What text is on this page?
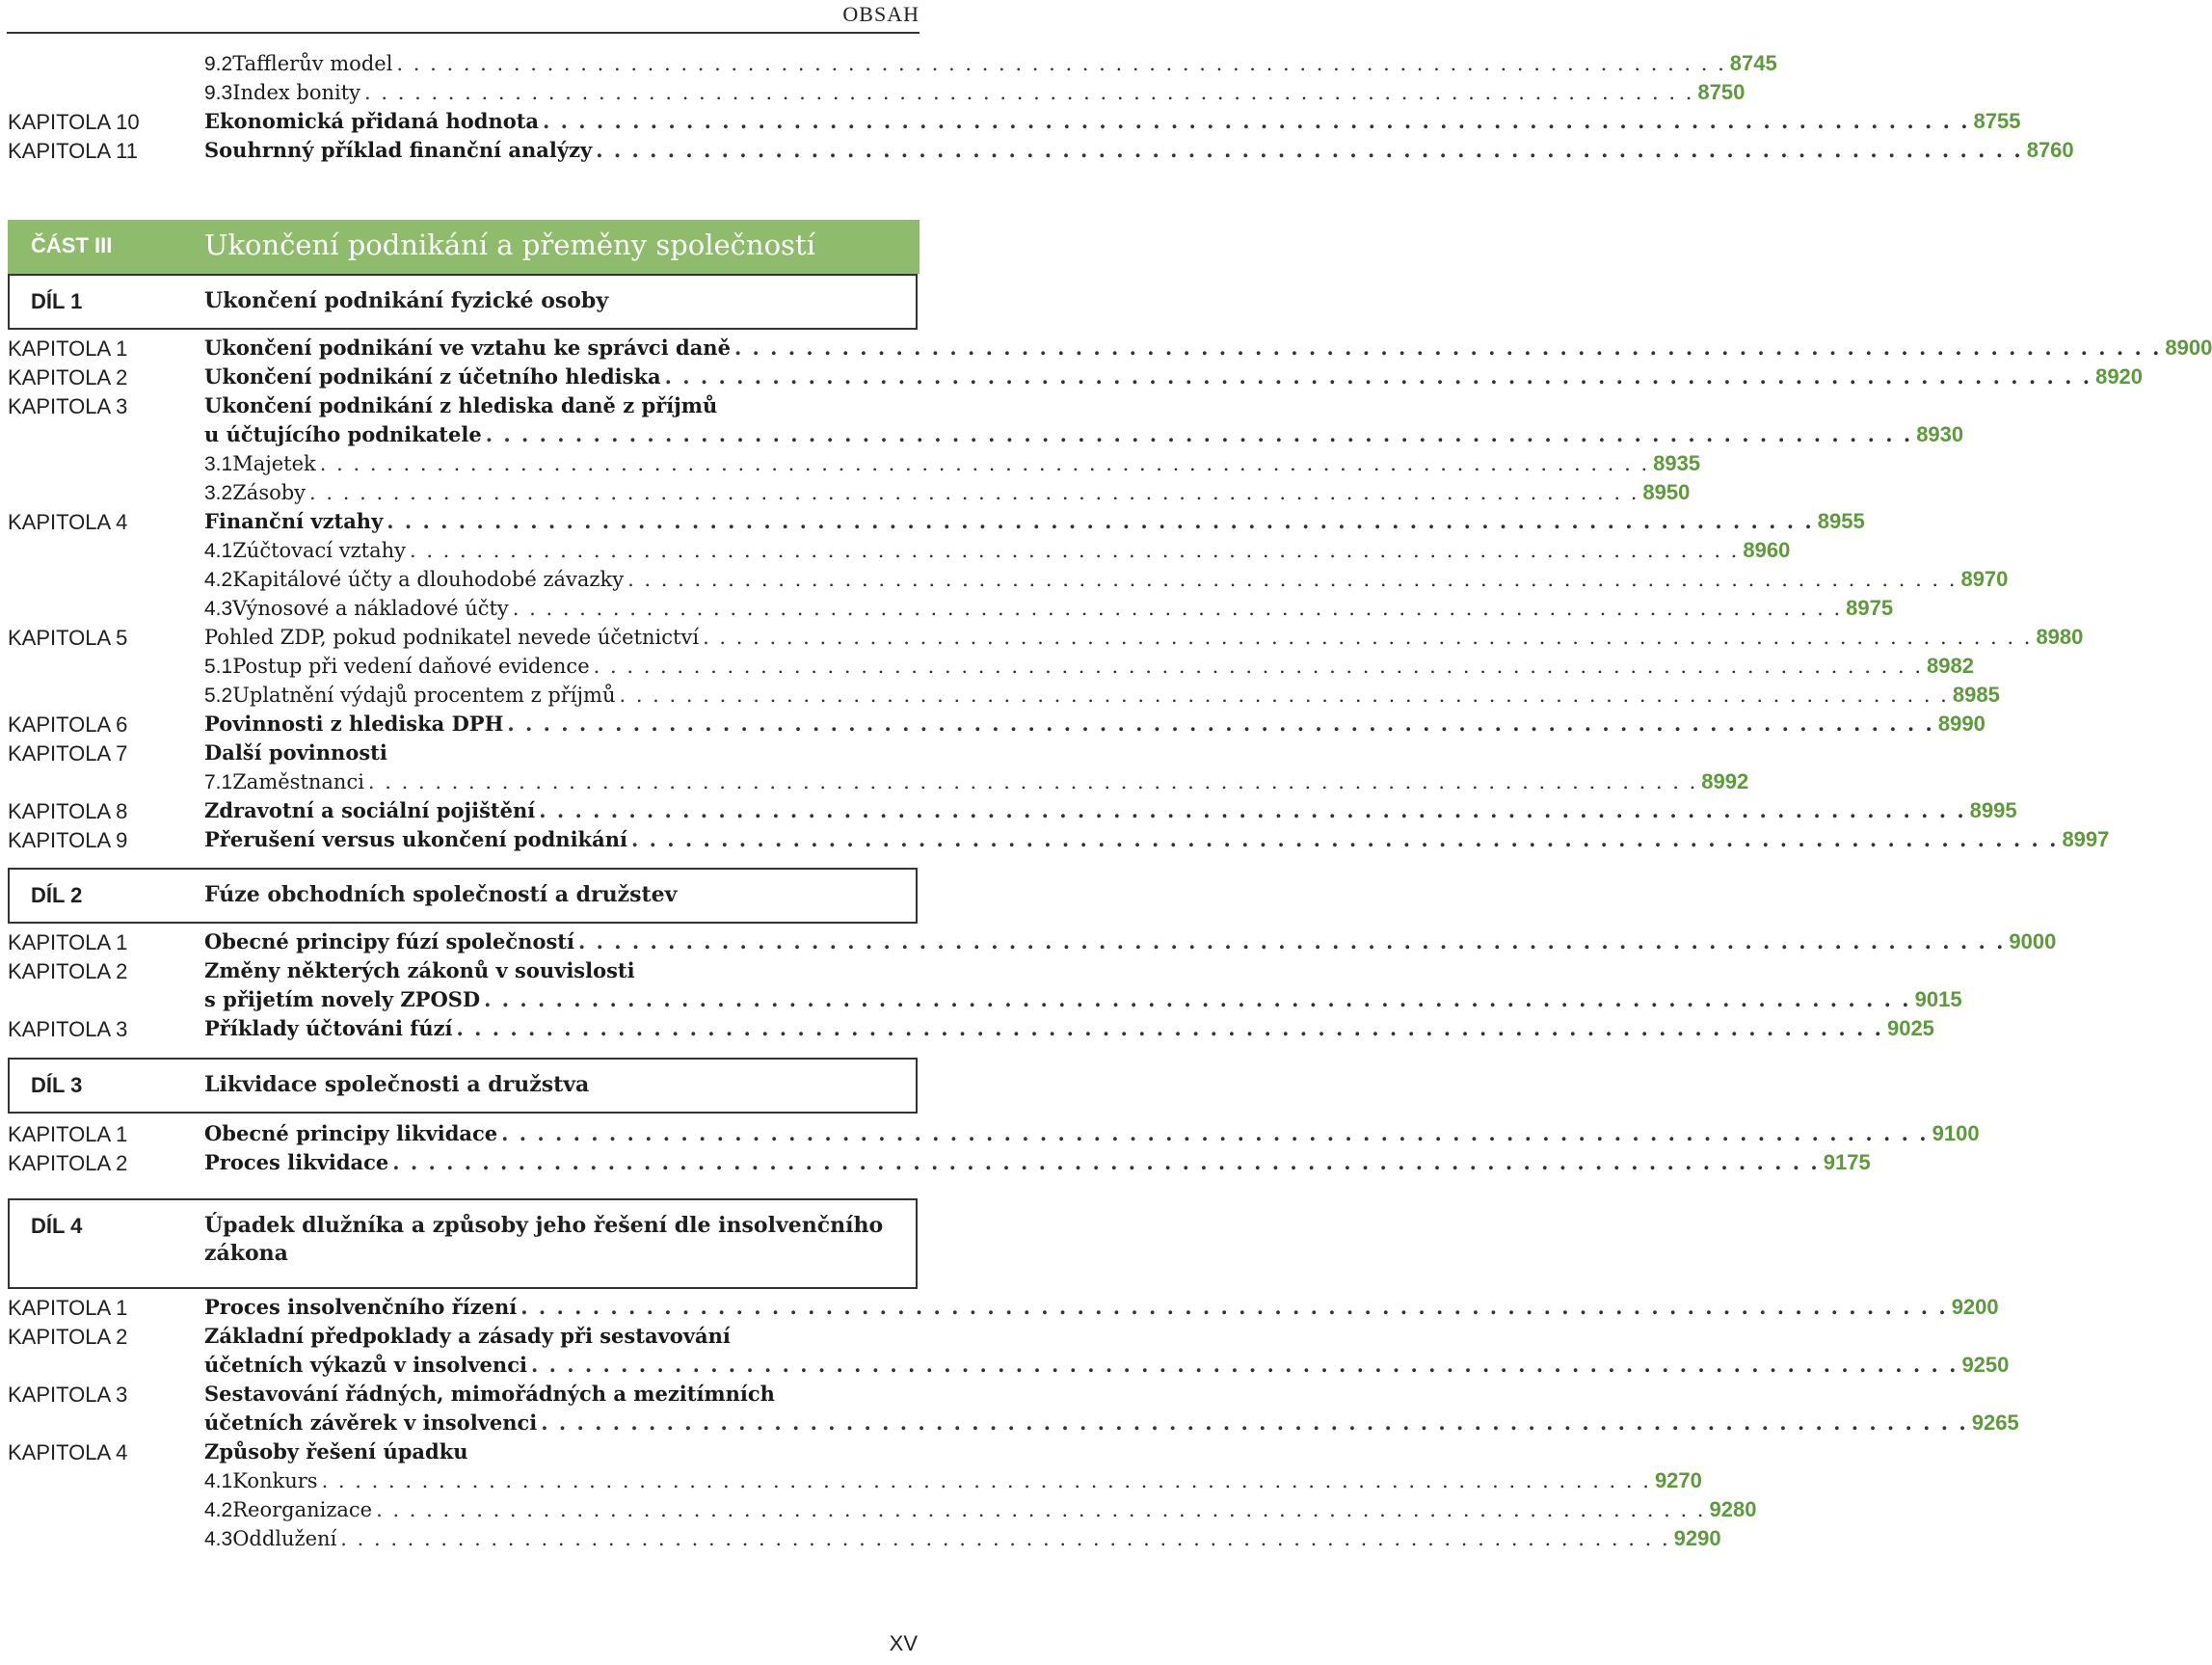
OBSAH
9.2 Tafflerův model . . . . . . . . . . . . . . . . . . . . . . . . . . . . . . . . . . . . . . . . . . . . . . . . . . . . . . . . . . . . . . . . . . . . . . . . . . . . . . . . 8745
9.3 Index bonity . . . . . . . . . . . . . . . . . . . . . . . . . . . . . . . . . . . . . . . . . . . . . . . . . . . . . . . . . . . . . . . . . . . . . . . . . . . . . . . . 8750
KAPITOLA 10	Ekonomická přidaná hodnota . . . . . . . . . . . . . . . . . . . . . . . . . . . . . . . . . . . . . . . . . . . . . . . . . . . . . . . . . . . . . . . . . . . . . . . . . . . . . . . . 8755
KAPITOLA 11	Souhrnný příklad finanční analýzy . . . . . . . . . . . . . . . . . . . . . . . . . . . . . . . . . . . . . . . . . . . . . . . . . . . . . . . . . . . . . . . . . . . . . . . . . . . . . . . . 8760
ČÁST III	Ukončení podnikání a přeměny společností
DÍL 1	Ukončení podnikání fyzické osoby
KAPITOLA 1	Ukončení podnikání ve vztahu ke správci daně . . . . . . . . . . . . . . . . . . . . . . . . . . . . . . . . . . . . . . . . . . . . . . . . . . . . . . . . . . . . . . . . . . . . . . . . . . . . . . . . 8900
KAPITOLA 2	Ukončení podnikání z účetního hlediska . . . . . . . . . . . . . . . . . . . . . . . . . . . . . . . . . . . . . . . . . . . . . . . . . . . . . . . . . . . . . . . . . . . . . . . . . . . . . . . . 8920
KAPITOLA 3	Ukončení podnikání z hlediska daně z příjmů
u účtujícího podnikatele . . . . . . . . . . . . . . . . . . . . . . . . . . . . . . . . . . . . . . . . . . . . . . . . . . . . . . . . . . . . . . . . . . . . . . . . . . . . . . . . 8930
3.1 Majetek . . . . . . . . . . . . . . . . . . . . . . . . . . . . . . . . . . . . . . . . . . . . . . . . . . . . . . . . . . . . . . . . . . . . . . . . . . . . . . . . 8935
3.2 Zásoby . . . . . . . . . . . . . . . . . . . . . . . . . . . . . . . . . . . . . . . . . . . . . . . . . . . . . . . . . . . . . . . . . . . . . . . . . . . . . . . . 8950
KAPITOLA 4	Finanční vztahy . . . . . . . . . . . . . . . . . . . . . . . . . . . . . . . . . . . . . . . . . . . . . . . . . . . . . . . . . . . . . . . . . . . . . . . . . . . . . . . . 8955
4.1 Zúčtovací vztahy . . . . . . . . . . . . . . . . . . . . . . . . . . . . . . . . . . . . . . . . . . . . . . . . . . . . . . . . . . . . . . . . . . . . . . . . . . . . . . . . 8960
4.2 Kapitálové účty a dlouhodobé závazky . . . . . . . . . . . . . . . . . . . . . . . . . . . . . . . . . . . . . . . . . . . . . . . . . . . . . . . . . . . . . . . . . . . . . . . . . . . . . . . . 8970
4.3 Výnosové a nákladové účty . . . . . . . . . . . . . . . . . . . . . . . . . . . . . . . . . . . . . . . . . . . . . . . . . . . . . . . . . . . . . . . . . . . . . . . . . . . . . . . . 8975
KAPITOLA 5	Pohled ZDP, pokud podnikatel nevede účetnictví . . . . . . . . . . . . . . . . . . . . . . . . . . . . . . . . . . . . . . . . . . . . . . . . . . . . . . . . . . . . . . . . . . . . . . . . . . . . . . . . 8980
5.1 Postup při vedení daňové evidence . . . . . . . . . . . . . . . . . . . . . . . . . . . . . . . . . . . . . . . . . . . . . . . . . . . . . . . . . . . . . . . . . . . . . . . . . . . . . . . . 8982
5.2 Uplatnění výdajů procentem z příjmů . . . . . . . . . . . . . . . . . . . . . . . . . . . . . . . . . . . . . . . . . . . . . . . . . . . . . . . . . . . . . . . . . . . . . . . . . . . . . . . . 8985
KAPITOLA 6	Povinnosti z hlediska DPH . . . . . . . . . . . . . . . . . . . . . . . . . . . . . . . . . . . . . . . . . . . . . . . . . . . . . . . . . . . . . . . . . . . . . . . . . . . . . . . . 8990
KAPITOLA 7	Další povinnosti
7.1 Zaměstnanci . . . . . . . . . . . . . . . . . . . . . . . . . . . . . . . . . . . . . . . . . . . . . . . . . . . . . . . . . . . . . . . . . . . . . . . . . . . . . . . . 8992
KAPITOLA 8	Zdravotní a sociální pojištění . . . . . . . . . . . . . . . . . . . . . . . . . . . . . . . . . . . . . . . . . . . . . . . . . . . . . . . . . . . . . . . . . . . . . . . . . . . . . . . . 8995
KAPITOLA 9	Přerušení versus ukončení podnikání . . . . . . . . . . . . . . . . . . . . . . . . . . . . . . . . . . . . . . . . . . . . . . . . . . . . . . . . . . . . . . . . . . . . . . . . . . . . . . . . 8997
DÍL 2	Fúze obchodních společností a družstev
KAPITOLA 1	Obecné principy fúzí společností . . . . . . . . . . . . . . . . . . . . . . . . . . . . . . . . . . . . . . . . . . . . . . . . . . . . . . . . . . . . . . . . . . . . . . . . . . . . . . . . 9000
KAPITOLA 2	Změny některých zákonů v souvislosti
s přijetím novely ZPOSD . . . . . . . . . . . . . . . . . . . . . . . . . . . . . . . . . . . . . . . . . . . . . . . . . . . . . . . . . . . . . . . . . . . . . . . . . . . . . . . . 9015
KAPITOLA 3	Příklady účtováni fúzí . . . . . . . . . . . . . . . . . . . . . . . . . . . . . . . . . . . . . . . . . . . . . . . . . . . . . . . . . . . . . . . . . . . . . . . . . . . . . . . . 9025
DÍL 3	Likvidace společnosti a družstva
KAPITOLA 1	Obecné principy likvidace . . . . . . . . . . . . . . . . . . . . . . . . . . . . . . . . . . . . . . . . . . . . . . . . . . . . . . . . . . . . . . . . . . . . . . . . . . . . . . . . 9100
KAPITOLA 2	Proces likvidace . . . . . . . . . . . . . . . . . . . . . . . . . . . . . . . . . . . . . . . . . . . . . . . . . . . . . . . . . . . . . . . . . . . . . . . . . . . . . . . . 9175
DÍL 4	Úpadek dlužníka a způsoby jeho řešení dle insolvenčního
zákona
KAPITOLA 1	Proces insolvenčního řízení . . . . . . . . . . . . . . . . . . . . . . . . . . . . . . . . . . . . . . . . . . . . . . . . . . . . . . . . . . . . . . . . . . . . . . . . . . . . . . . . 9200
KAPITOLA 2	Základní předpoklady a zásady při sestavování
účetních výkazů v insolvenci . . . . . . . . . . . . . . . . . . . . . . . . . . . . . . . . . . . . . . . . . . . . . . . . . . . . . . . . . . . . . . . . . . . . . . . . . . . . . . . . 9250
KAPITOLA 3	Sestavování řádných, mimořádných a mezitímních
účetních závěrek v insolvenci . . . . . . . . . . . . . . . . . . . . . . . . . . . . . . . . . . . . . . . . . . . . . . . . . . . . . . . . . . . . . . . . . . . . . . . . . . . . . . . . 9265
KAPITOLA 4	Způsoby řešení úpadku
4.1 Konkurs . . . . . . . . . . . . . . . . . . . . . . . . . . . . . . . . . . . . . . . . . . . . . . . . . . . . . . . . . . . . . . . . . . . . . . . . . . . . . . . . 9270
4.2 Reorganizace . . . . . . . . . . . . . . . . . . . . . . . . . . . . . . . . . . . . . . . . . . . . . . . . . . . . . . . . . . . . . . . . . . . . . . . . . . . . . . . . 9280
4.3 Oddlužení . . . . . . . . . . . . . . . . . . . . . . . . . . . . . . . . . . . . . . . . . . . . . . . . . . . . . . . . . . . . . . . . . . . . . . . . . . . . . . . . 9290
XV
